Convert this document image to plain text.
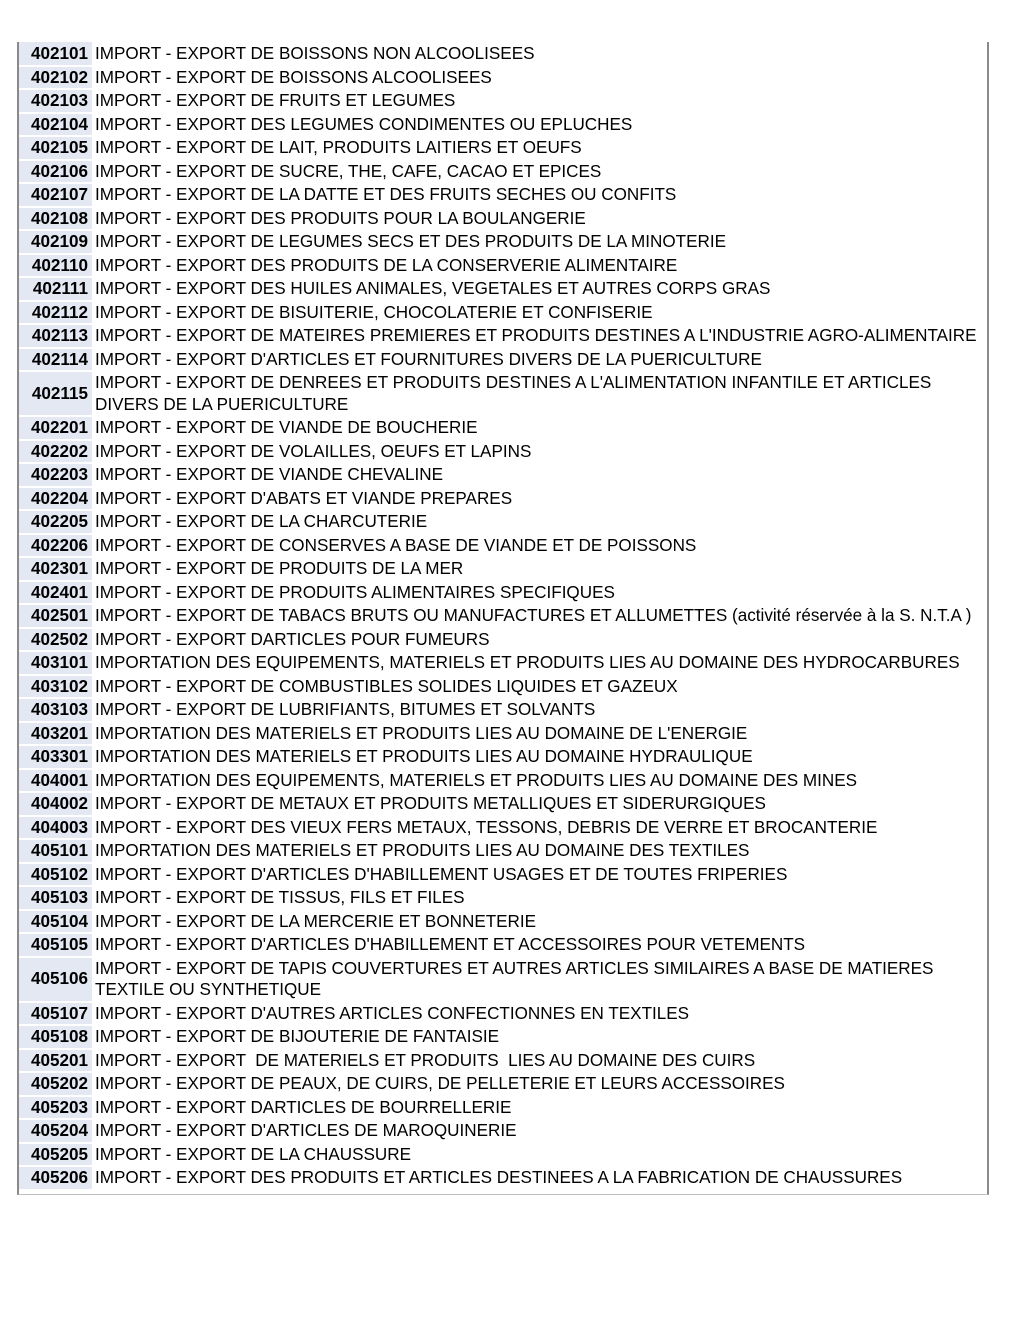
402101	IMPORT - EXPORT DE BOISSONS NON ALCOOLISEES
402102	IMPORT - EXPORT DE BOISSONS ALCOOLISEES
402103	IMPORT - EXPORT DE FRUITS ET LEGUMES
402104	IMPORT - EXPORT DES LEGUMES CONDIMENTES OU EPLUCHES
402105	IMPORT - EXPORT DE LAIT, PRODUITS LAITIERS ET OEUFS
402106	IMPORT - EXPORT DE SUCRE, THE, CAFE, CACAO ET EPICES
402107	IMPORT - EXPORT DE LA DATTE ET DES FRUITS SECHES OU CONFITS
402108	IMPORT - EXPORT DES PRODUITS POUR LA BOULANGERIE
402109	IMPORT - EXPORT DE LEGUMES SECS ET DES PRODUITS DE LA MINOTERIE
402110	IMPORT - EXPORT DES PRODUITS DE LA CONSERVERIE ALIMENTAIRE
402111	IMPORT - EXPORT DES HUILES ANIMALES, VEGETALES ET AUTRES CORPS GRAS
402112	IMPORT - EXPORT DE BISUITERIE, CHOCOLATERIE ET CONFISERIE
402113	IMPORT - EXPORT DE MATEIRES PREMIERES ET PRODUITS DESTINES A L'INDUSTRIE AGRO-ALIMENTAIRE
402114	IMPORT - EXPORT D'ARTICLES ET FOURNITURES DIVERS DE LA PUERICULTURE
402115	IMPORT - EXPORT DE DENREES ET PRODUITS DESTINES A L'ALIMENTATION INFANTILE ET ARTICLES DIVERS DE LA PUERICULTURE
402201	IMPORT - EXPORT DE VIANDE DE BOUCHERIE
402202	IMPORT - EXPORT DE VOLAILLES, OEUFS ET LAPINS
402203	IMPORT - EXPORT DE VIANDE CHEVALINE
402204	IMPORT - EXPORT D'ABATS ET VIANDE PREPARES
402205	IMPORT - EXPORT DE LA CHARCUTERIE
402206	IMPORT - EXPORT DE CONSERVES A BASE DE VIANDE ET DE POISSONS
402301	IMPORT - EXPORT DE PRODUITS DE LA MER
402401	IMPORT - EXPORT DE PRODUITS ALIMENTAIRES SPECIFIQUES
402501	IMPORT - EXPORT DE TABACS BRUTS OU MANUFACTURES ET ALLUMETTES (activité réservée à la S. N.T.A )
402502	IMPORT - EXPORT DARTICLES POUR FUMEURS
403101	IMPORTATION DES EQUIPEMENTS, MATERIELS ET PRODUITS LIES AU DOMAINE DES HYDROCARBURES
403102	IMPORT - EXPORT DE COMBUSTIBLES SOLIDES LIQUIDES ET GAZEUX
403103	IMPORT - EXPORT DE LUBRIFIANTS, BITUMES ET SOLVANTS
403201	IMPORTATION DES MATERIELS ET PRODUITS LIES AU DOMAINE DE L'ENERGIE
403301	IMPORTATION DES MATERIELS ET PRODUITS LIES AU DOMAINE HYDRAULIQUE
404001	IMPORTATION DES EQUIPEMENTS, MATERIELS ET PRODUITS LIES AU DOMAINE DES MINES
404002	IMPORT - EXPORT DE METAUX ET PRODUITS METALLIQUES ET SIDERURGIQUES
404003	IMPORT - EXPORT DES VIEUX FERS METAUX, TESSONS, DEBRIS DE VERRE ET BROCANTERIE
405101	IMPORTATION DES MATERIELS ET PRODUITS LIES AU DOMAINE DES TEXTILES
405102	IMPORT - EXPORT D'ARTICLES D'HABILLEMENT USAGES ET DE TOUTES FRIPERIES
405103	IMPORT - EXPORT DE TISSUS, FILS ET FILES
405104	IMPORT - EXPORT DE LA MERCERIE ET BONNETERIE
405105	IMPORT - EXPORT D'ARTICLES D'HABILLEMENT ET ACCESSOIRES POUR VETEMENTS
405106	IMPORT - EXPORT DE TAPIS COUVERTURES ET AUTRES ARTICLES SIMILAIRES A BASE DE MATIERES TEXTILE OU SYNTHETIQUE
405107	IMPORT - EXPORT D'AUTRES ARTICLES CONFECTIONNES EN TEXTILES
405108	IMPORT - EXPORT DE BIJOUTERIE DE FANTAISIE
405201	IMPORT - EXPORT  DE MATERIELS ET PRODUITS  LIES AU DOMAINE DES CUIRS
405202	IMPORT - EXPORT DE PEAUX, DE CUIRS, DE PELLETERIE ET LEURS ACCESSOIRES
405203	IMPORT - EXPORT DARTICLES DE BOURRELLERIE
405204	IMPORT - EXPORT D'ARTICLES DE MAROQUINERIE
405205	IMPORT - EXPORT DE LA CHAUSSURE
405206	IMPORT - EXPORT DES PRODUITS ET ARTICLES DESTINEES A LA FABRICATION DE CHAUSSURES
